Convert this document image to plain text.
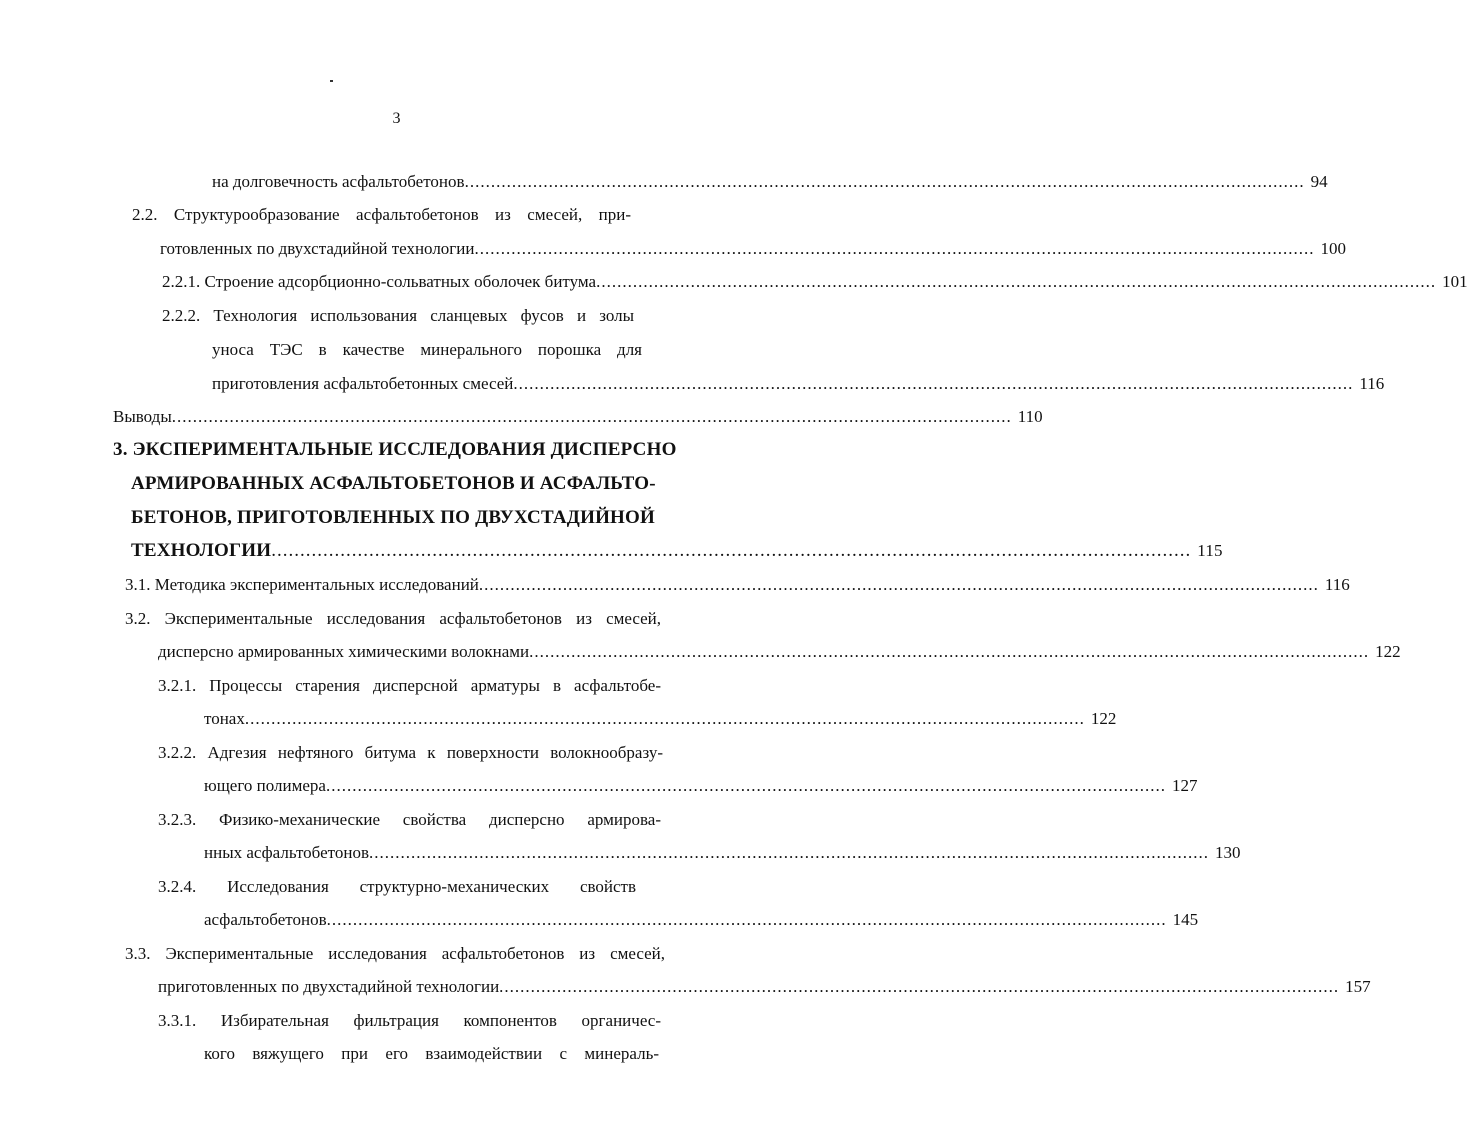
3
на долговечность асфальтобетонов .....	94
2.2. Структурообразование асфальтобетонов из смесей, при-
готовленных по двухстадийной технологии .....	100
2.2.1. Строение адсорбционно-сольватных оболочек битума .....	101
2.2.2. Технология использования сланцевых фусов и золы
уноса ТЭС в качестве минерального порошка для
приготовления асфальтобетонных смесей .....	116
Выводы .....	110
3. ЭКСПЕРИМЕНТАЛЬНЫЕ ИССЛЕДОВАНИЯ ДИСПЕРСНО
АРМИРОВАННЫХ АСФАЛЬТОБЕТОНОВ И АСФАЛЬТО-
БЕТОНОВ, ПРИГОТОВЛЕННЫХ ПО ДВУХСТАДИЙНОЙ
ТЕХНОЛОГИИ .....	115
3.1. Методика экспериментальных исследований .....	116
3.2. Экспериментальные исследования асфальтобетонов из смесей,
дисперсно армированных химическими волокнами .....	122
3.2.1. Процессы старения дисперсной арматуры в асфальтобе-
тонах .....	122
3.2.2. Адгезия нефтяного битума к поверхности волокнообразу-
ющего полимера .....	127
3.2.3. Физико-механические свойства дисперсно армирова-
нных асфальтобетонов .....	130
3.2.4. Исследования структурно-механических свойств
асфальтобетонов .....	145
3.3. Экспериментальные исследования асфальтобетонов из смесей,
приготовленных по двухстадийной технологии .....	157
3.3.1. Избирательная фильтрация компонентов органичес-
кого вяжущего при его взаимодействии с минераль-
